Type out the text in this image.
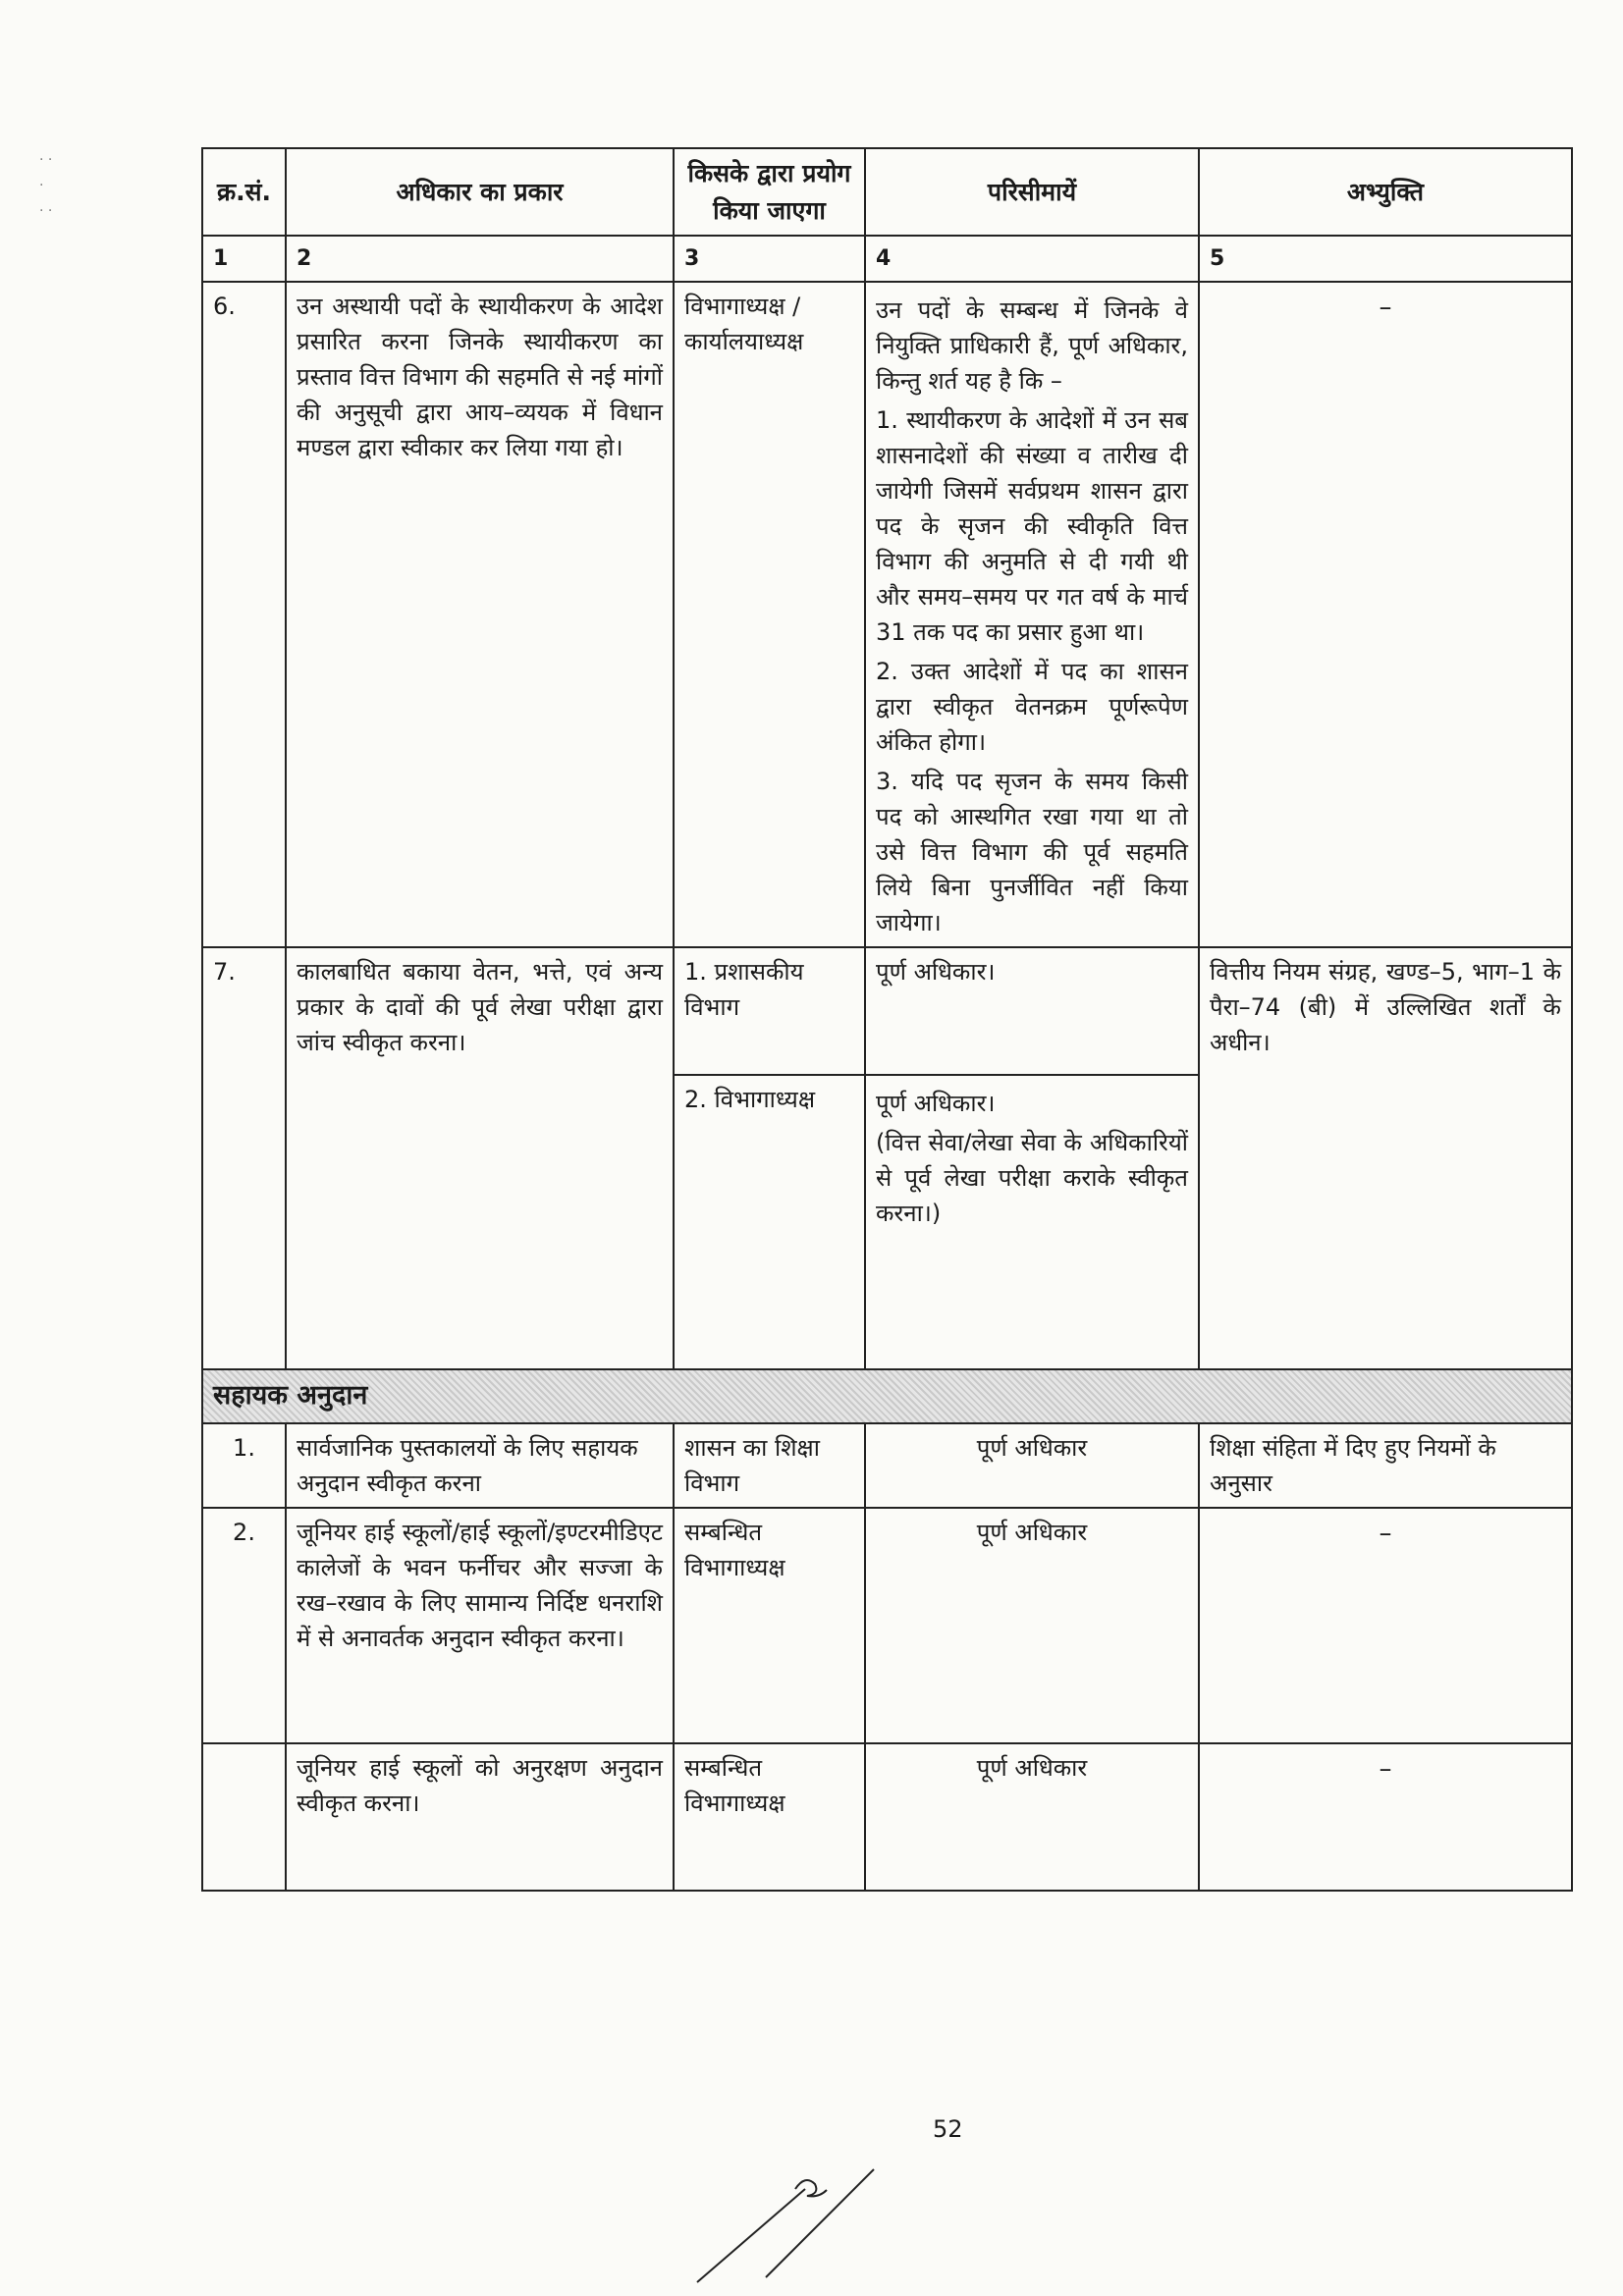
· ·
·
· ·
क्र.सं.	अधिकार का प्रकार	किसके द्वारा प्रयोग किया जाएगा	परिसीमायें	अभ्युक्ति
1	2	3	4	5
6.	उन अस्थायी पदों के स्थायीकरण के आदेश प्रसारित करना जिनके स्थायीकरण का प्रस्ताव वित्त विभाग की सहमति से नई मांगों की अनुसूची द्वारा आय–व्ययक में विधान मण्डल द्वारा स्वीकार कर लिया गया हो।	विभागाध्यक्ष / कार्यालयाध्यक्ष	उन पदों के सम्बन्ध में जिनके वे नियुक्ति प्राधिकारी हैं, पूर्ण अधिकार, किन्तु शर्त यह है कि –
1. स्थायीकरण के आदेशों में उन सब शासनादेशों की संख्या व तारीख दी जायेगी जिसमें सर्वप्रथम शासन द्वारा पद के सृजन की स्वीकृति वित्त विभाग की अनुमति से दी गयी थी और समय–समय पर गत वर्ष के मार्च 31 तक पद का प्रसार हुआ था।
2. उक्त आदेशों में पद का शासन द्वारा स्वीकृत वेतनक्रम पूर्णरूपेण अंकित होगा।
3. यदि पद सृजन के समय किसी पद को आस्थगित रखा गया था तो उसे वित्त विभाग की पूर्व सहमति लिये बिना पुनर्जीवित नहीं किया जायेगा।	–

7.	कालबाधित बकाया वेतन, भत्ते, एवं अन्य प्रकार के दावों की पूर्व लेखा परीक्षा द्वारा जांच स्वीकृत करना।	1. प्रशासकीय विभाग	पूर्ण अधिकार।	वित्तीय नियम संग्रह, खण्ड–5, भाग–1 के पैरा–74 (बी) में उल्लिखित शर्तों के अधीन।
		2. विभागाध्यक्ष	पूर्ण अधिकार।
(वित्त सेवा/लेखा सेवा के अधिकारियों से पूर्व लेखा परीक्षा कराके स्वीकृत करना।)	

सहायक अनुदान				
1.	सार्वजानिक पुस्तकालयों के लिए सहायक अनुदान स्वीकृत करना	शासन का शिक्षा विभाग	पूर्ण अधिकार	शिक्षा संहिता में दिए हुए नियमों के अनुसार
2.	जूनियर हाई स्कूलों/हाई स्कूलों/इण्टरमीडिएट कालेजों के भवन फर्नीचर और सज्जा के रख–रखाव के लिए सामान्य निर्दिष्ट धनराशि में से अनावर्तक अनुदान स्वीकृत करना।	सम्बन्धित विभागाध्यक्ष	पूर्ण अधिकार	–

	जूनियर हाई स्कूलों को अनुरक्षण अनुदान स्वीकृत करना।	सम्बन्धित विभागाध्यक्ष	पूर्ण अधिकार	–
52
